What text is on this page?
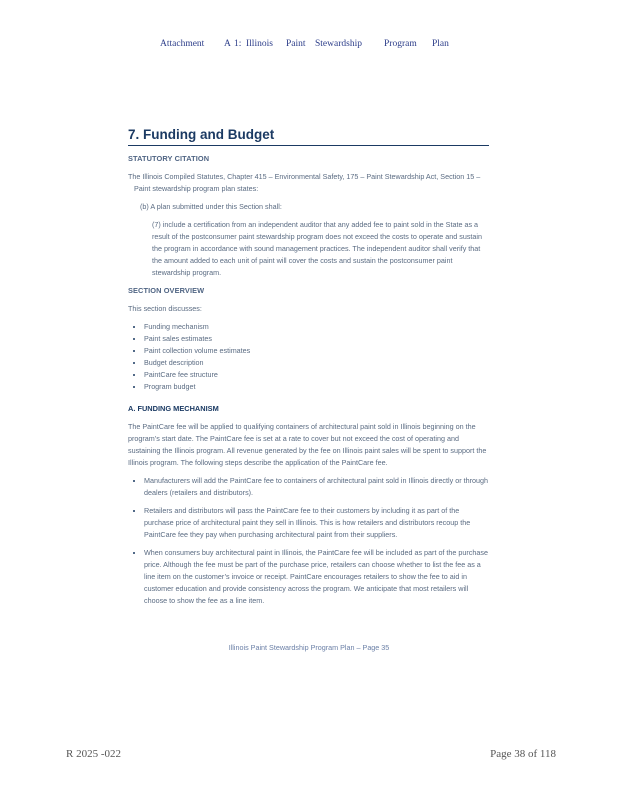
Attachment A 1: Illinois Paint Stewardship Program Plan
7. Funding and Budget
STATUTORY CITATION
The Illinois Compiled Statutes, Chapter 415 – Environmental Safety, 175 – Paint Stewardship Act, Section 15 – Paint stewardship program plan states:
(b) A plan submitted under this Section shall:
(7) include a certification from an independent auditor that any added fee to paint sold in the State as a result of the postconsumer paint stewardship program does not exceed the costs to operate and sustain the program in accordance with sound management practices. The independent auditor shall verify that the amount added to each unit of paint will cover the costs and sustain the postconsumer paint stewardship program.
SECTION OVERVIEW
This section discusses:
• Funding mechanism
• Paint sales estimates
• Paint collection volume estimates
• Budget description
• PaintCare fee structure
• Program budget
A. FUNDING MECHANISM
The PaintCare fee will be applied to qualifying containers of architectural paint sold in Illinois beginning on the program’s start date. The PaintCare fee is set at a rate to cover but not exceed the cost of operating and sustaining the Illinois program. All revenue generated by the fee on Illinois paint sales will be spent to support the Illinois program. The following steps describe the application of the PaintCare fee.
• Manufacturers will add the PaintCare fee to containers of architectural paint sold in Illinois directly or through dealers (retailers and distributors).
• Retailers and distributors will pass the PaintCare fee to their customers by including it as part of the purchase price of architectural paint they sell in Illinois. This is how retailers and distributors recoup the PaintCare fee they pay when purchasing architectural paint from their suppliers.
• When consumers buy architectural paint in Illinois, the PaintCare fee will be included as part of the purchase price. Although the fee must be part of the purchase price, retailers can choose whether to list the fee as a line item on the customer’s invoice or receipt. PaintCare encourages retailers to show the fee to aid in customer education and provide consistency across the program. We anticipate that most retailers will choose to show the fee as a line item.
Illinois Paint Stewardship Program Plan – Page 35
R 2025 -022	Page 38 of 118
